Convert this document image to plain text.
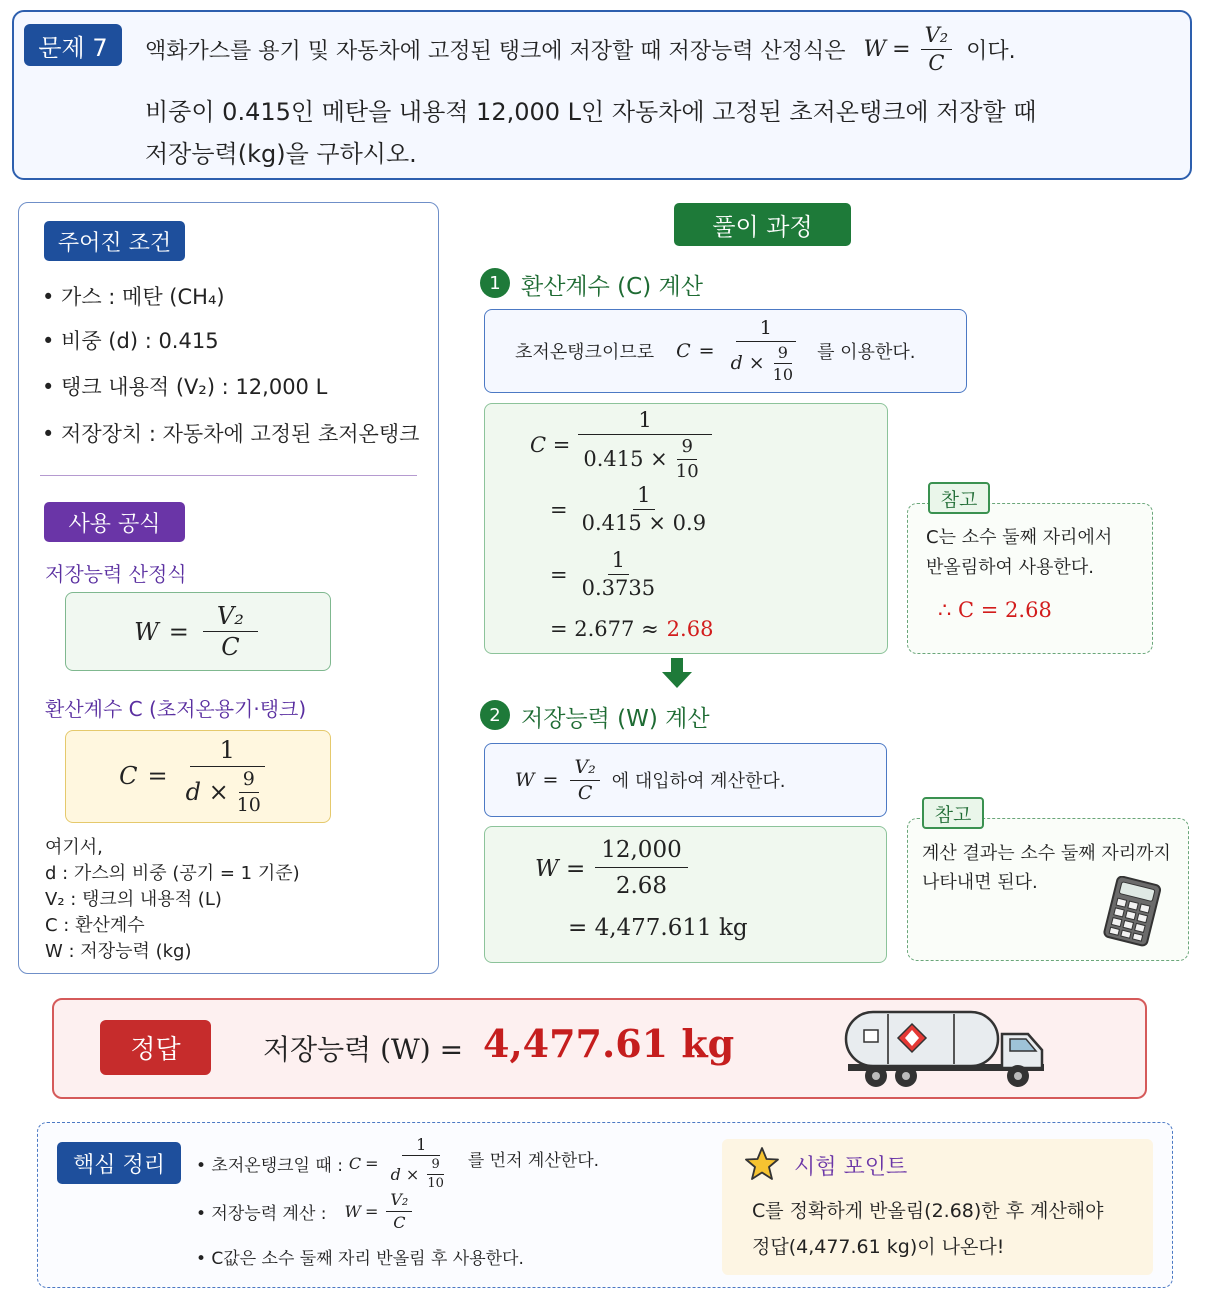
문제 7	액화가스를 용기 및 자동차에 고정된 탱크에 저장할 때 저장능력 산정식은 $W = \frac{\text{V₂}}{C}$ 이다.
비중이 0.415인 메탄을 내용적 12,000 L인 자동차에 고정된 초저온탱크에 저장할 때
저장능력(kg)을 구하시오.
주어진 조건
• 가스 : 메탄 (CH₄)
• 비중 (d) : 0.415
• 탱크 내용적 (V₂) : 12,000 L
• 저장장치 : 자동차에 고정된 초저온탱크
사용 공식
저장능력 산정식
$W = \frac{\text{V₂}}{C}$
환산계수 C (초저온용기·탱크)
$C = \frac{1}{d \times \frac{9}{10}}$
여기서,
d : 가스의 비중 (공기 = 1 기준)
V₂ : 탱크의 내용적 (L)
C : 환산계수
W : 저장능력 (kg)
풀이 과정
1 환산계수 (C) 계산
초저온탱크이므로 $C = \frac{1}{d \times \frac{9}{10}}$ 를 이용한다.
$C = \frac{1}{0.415 \times \frac{9}{10}}$
= $\frac{1}{0.415 \times 0.9}$
= $\frac{1}{0.3735}$
= 2.677 ≈ 2.68
참고
C는 소수 둘째 자리에서
반올림하여 사용한다.
∴ C = 2.68
2 저장능력 (W) 계산
$W = \frac{\text{V₂}}{C}$ 에 대입하여 계산한다.
$W = \frac{12,000}{2.68}$
= 4,477.611 kg
참고
계산 결과는 소수 둘째 자리까지
나타내면 된다.
정답	저장능력 (W) = 4,477.61 kg
핵심 정리	• 초저온탱크일 때 : $C = \frac{1}{d \times \frac{9}{10}}$ 를 먼저 계산한다.
• 저장능력 계산 : $W = \frac{\text{V₂}}{C}$
• C값은 소수 둘째 자리 반올림 후 사용한다.
시험 포인트
C를 정확하게 반올림(2.68)한 후 계산해야
정답(4,477.61 kg)이 나온다!
